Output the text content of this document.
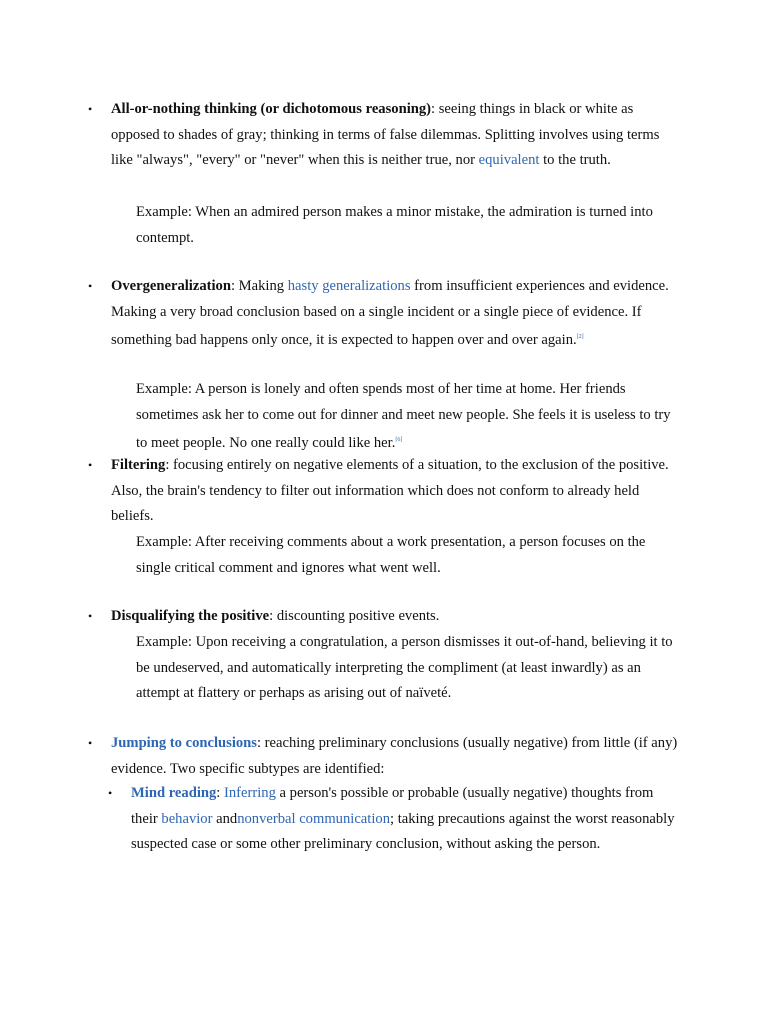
• All-or-nothing thinking (or dichotomous reasoning): seeing things in black or white as opposed to shades of gray; thinking in terms of false dilemmas. Splitting involves using terms like "always", "every" or "never" when this is neither true, nor equivalent to the truth.
Example: When an admired person makes a minor mistake, the admiration is turned into contempt.
• Overgeneralization: Making hasty generalizations from insufficient experiences and evidence. Making a very broad conclusion based on a single incident or a single piece of evidence. If something bad happens only once, it is expected to happen over and over again.[2]
Example: A person is lonely and often spends most of her time at home. Her friends sometimes ask her to come out for dinner and meet new people. She feels it is useless to try to meet people. No one really could like her.[6]
• Filtering: focusing entirely on negative elements of a situation, to the exclusion of the positive. Also, the brain's tendency to filter out information which does not conform to already held beliefs.
Example: After receiving comments about a work presentation, a person focuses on the single critical comment and ignores what went well.
• Disqualifying the positive: discounting positive events.
Example: Upon receiving a congratulation, a person dismisses it out-of-hand, believing it to be undeserved, and automatically interpreting the compliment (at least inwardly) as an attempt at flattery or perhaps as arising out of naïveté.
• Jumping to conclusions: reaching preliminary conclusions (usually negative) from little (if any) evidence. Two specific subtypes are identified:
• Mind reading: Inferring a person's possible or probable (usually negative) thoughts from their behavior andnonverbal communication; taking precautions against the worst reasonably suspected case or some other preliminary conclusion, without asking the person.
